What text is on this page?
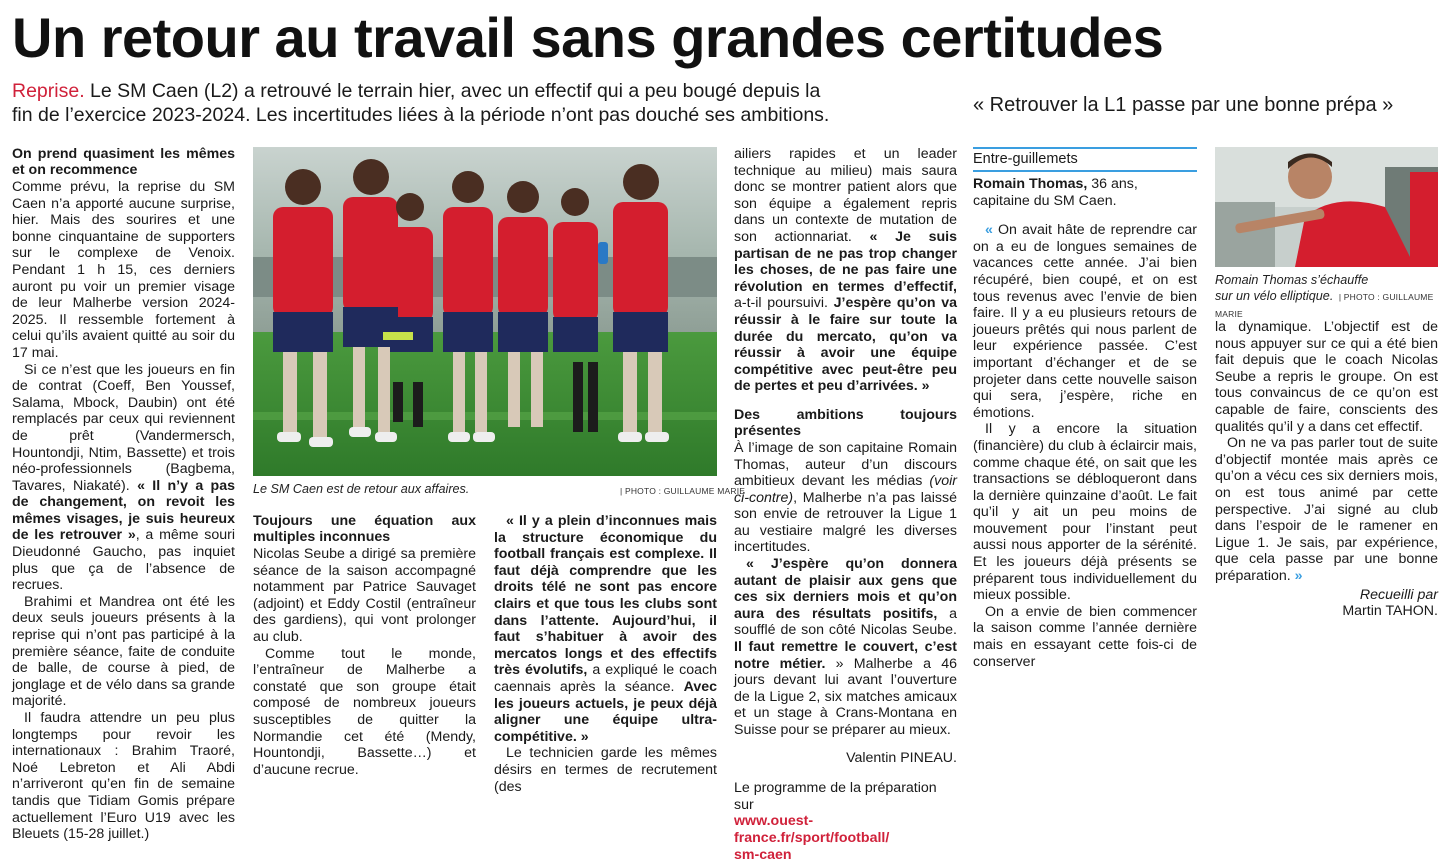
Un retour au travail sans grandes certitudes
Reprise. Le SM Caen (L2) a retrouvé le terrain hier, avec un effectif qui a peu bougé depuis la fin de l’exercice 2023-2024. Les incertitudes liées à la période n’ont pas douché ses ambitions.	« Retrouver la L1 passe par une bonne prépa »

On prend quasiment les mêmes et on recommence

Comme prévu, la reprise du SM Caen n’a apporté aucune surprise, hier. Mais des sourires et une bonne cinquantaine de supporters sur le complexe de Venoix. Pendant 1 h 15, ces derniers auront pu voir un premier visage de leur Malherbe version 2024-2025. Il ressemble fortement à celui qu’ils avaient quitté au soir du 17 mai.

Si ce n’est que les joueurs en fin de contrat (Coeff, Ben Youssef, Salama, Mbock, Daubin) ont été remplacés par ceux qui reviennent de prêt (Vandermersch, Hountondji, Ntim, Bassette) et trois néo-professionnels (Bagbema, Tavares, Niakaté). « Il n’y a pas de changement, on revoit les mêmes visages, je suis heureux de les retrouver », a même souri Dieudonné Gaucho, pas inquiet plus que ça de l’absence de recrues.

Brahimi et Mandrea ont été les deux seuls joueurs présents à la reprise qui n’ont pas participé à la première séance, faite de conduite de balle, de course à pied, de jonglage et de vélo dans sa grande majorité.

Il faudra attendre un peu plus longtemps pour revoir les internationaux : Brahim Traoré, Noé Lebreton et Ali Abdi n’arriveront qu’en fin de semaine tandis que Tidiam Gomis prépare actuellement l’Euro U19 avec les Bleuets (15-28 juillet.)

Le SM Caen est de retour aux affaires.	| PHOTO : GUILLAUME MARIE

Toujours une équation aux multiples inconnues

Nicolas Seube a dirigé sa première séance de la saison accompagné notamment par Patrice Sauvaget (adjoint) et Eddy Costil (entraîneur des gardiens), qui vont prolonger au club.

Comme tout le monde, l’entraîneur de Malherbe a constaté que son groupe était composé de nombreux joueurs susceptibles de quitter la Normandie cet été (Mendy, Hountondji, Bassette…) et d’aucune recrue.

« Il y a plein d’inconnues mais la structure économique du football français est complexe. Il faut déjà comprendre que les droits télé ne sont pas encore clairs et que tous les clubs sont dans l’attente. Aujourd’hui, il faut s’habituer à avoir des mercatos longs et des effectifs très évolutifs, a expliqué le coach caennais après la séance. Avec les joueurs actuels, je peux déjà aligner une équipe ultra-compétitive. »

Le technicien garde les mêmes désirs en termes de recrutement (des

ailiers rapides et un leader technique au milieu) mais saura donc se montrer patient alors que son équipe a également repris dans un contexte de mutation de son actionnariat. « Je suis partisan de ne pas trop changer les choses, de ne pas faire une révolution en termes d’effectif, a-t-il poursuivi. J’espère qu’on va réussir à le faire sur toute la durée du mercato, qu’on va réussir à avoir une équipe compétitive avec peut-être peu de pertes et peu d’arrivées. »

Des ambitions toujours présentes

À l’image de son capitaine Romain Thomas, auteur d’un discours ambitieux devant les médias (voir ci-contre), Malherbe n’a pas laissé son envie de retrouver la Ligue 1 au vestiaire malgré les diverses incertitudes.

« J’espère qu’on donnera autant de plaisir aux gens que ces six derniers mois et qu’on aura des résultats positifs, a soufflé de son côté Nicolas Seube. Il faut remettre le couvert, c’est notre métier. » Malherbe a 46 jours devant lui avant l’ouverture de la Ligue 2, six matches amicaux et un stage à Crans-Montana en Suisse pour se préparer au mieux.

Valentin PINEAU.

Le programme de la préparation sur

www.ouest-france.fr/sport/football/
sm-caen

Entre-guillemets

Romain Thomas, 36 ans, capitaine du SM Caen.

« On avait hâte de reprendre car on a eu de longues semaines de vacances cette année. J’ai bien récupéré, bien coupé, et on est tous revenus avec l’envie de bien faire. Il y a eu plusieurs retours de joueurs prêtés qui nous parlent de leur expérience passée. C’est important d’échanger et de se projeter dans cette nouvelle saison qui sera, j’espère, riche en émotions.

Il y a encore la situation (financière) du club à éclaircir mais, comme chaque été, on sait que les transactions se débloqueront dans la dernière quinzaine d’août. Le fait qu’il y ait un peu moins de mouvement pour l’instant peut aussi nous apporter de la sérénité. Et les joueurs déjà présents se préparent tous individuellement du mieux possible.

On a envie de bien commencer la saison comme l’année dernière mais en essayant cette fois-ci de conserver

Romain Thomas s’échauffe
sur un vélo elliptique. | PHOTO : GUILLAUME MARIE

la dynamique. L’objectif est de nous appuyer sur ce qui a été bien fait depuis que le coach Nicolas Seube a repris le groupe. On est tous convaincus de ce qu’on est capable de faire, conscients des qualités qu’il y a dans cet effectif.

On ne va pas parler tout de suite d’objectif montée mais après ce qu’on a vécu ces six derniers mois, on est tous animé par cette perspective. J’ai signé au club dans l’espoir de le ramener en Ligue 1. Je sais, par expérience, que cela passe par une bonne préparation. »

Recueilli par

Martin TAHON.
